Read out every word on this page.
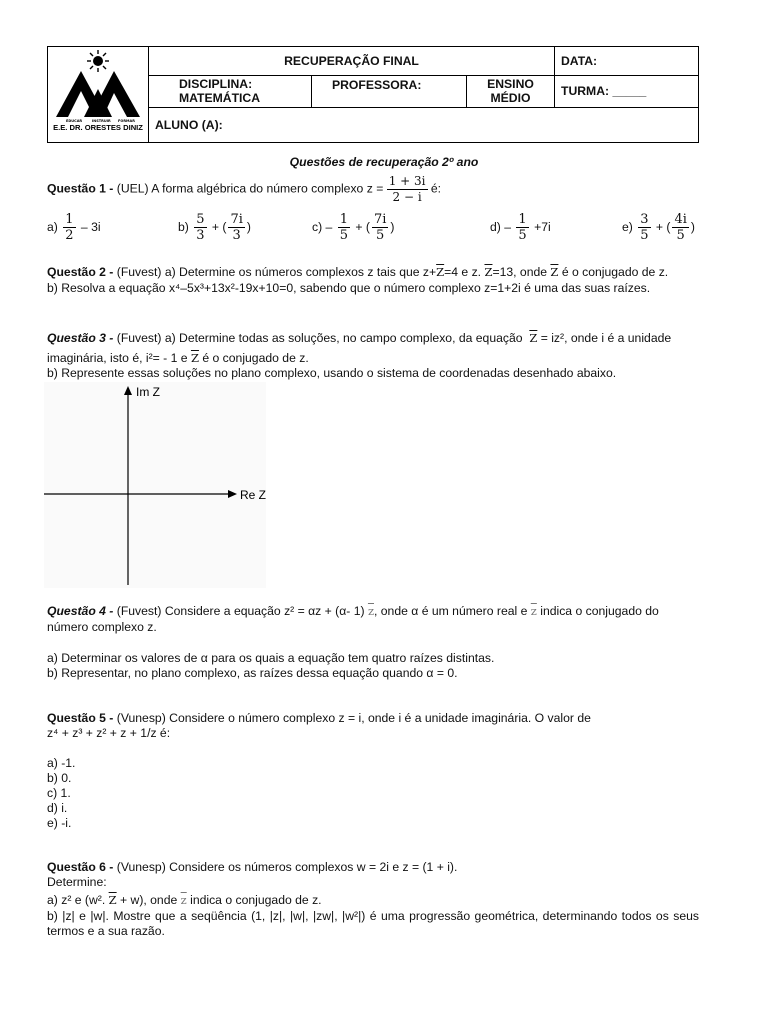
EDUCAR INSTRUIR FORMAR
E.E. DR. ORESTES DINIZ	RECUPERAÇÃO FINAL			DATA:

	DISCIPLINA:
MATEMÁTICA	PROFESSORA:	ENSINO MÉDIO	TURMA: _____
	ALUNO (A):			
Questões de recuperação 2º ano
Questão 1 - (UEL) A forma algébrica do número complexo $z = \frac{1 + 3i}{2 - i}$ é:
$a) \frac{1}{2} - 3i$	$b) \frac{5}{3}$ + ( $\frac{7i}{3}$ )	$c) - \frac{1}{5}$ + ( $\frac{7i}{5}$ )	$d) - \frac{1}{5} +7i$	$e) \frac{3}{5}$ + ( $\frac{4i}{5}$ )
Questão 2 - (Fuvest) a) Determine os números complexos z tais que $z+\overline{Z}=4$ e z. $\overline{Z}=13$, onde $\overline{Z}$ é o conjugado de z.
b) Resolva a equação x⁴–5x³+13x²-19x+10=0, sabendo que o número complexo z=1+2i é uma das suas raízes.
Questão 3 - (Fuvest) a) Determine todas as soluções, no campo complexo, da equação $\overline{Z} = iz^2$, onde i é a unidade
imaginária, isto é, i²= - 1 e $\overline{Z}$ é o conjugado de z.
b) Represente essas soluções no plano complexo, usando o sistema de coordenadas desenhado abaixo.
Im Z
Re Z
Questão 4 - (Fuvest) Considere a equação z² = αz + (α- 1) $\overline{z}$, onde α é um número real e $\overline{z}$ indica o conjugado do
número complexo z.
a) Determinar os valores de α para os quais a equação tem quatro raízes distintas.
b) Representar, no plano complexo, as raízes dessa equação quando α = 0.
Questão 5 - (Vunesp) Considere o número complexo z = i, onde i é a unidade imaginária. O valor de
z⁴ + z³ + z² + z + 1/z é:
a) -1.
b) 0.
c) 1.
d) i.
e) -i.
Questão 6 - (Vunesp) Considere os números complexos w = 2i e z = (1 + i).
Determine:
a) z² e (w². $\overline{Z} + w$), onde $\overline{z}$ indica o conjugado de z.
b) |z| e |w|. Mostre que a seqüência (1, |z|, |w|, |zw|, |w²|) é uma progressão geométrica, determinando todos os seus termos e a sua razão.
